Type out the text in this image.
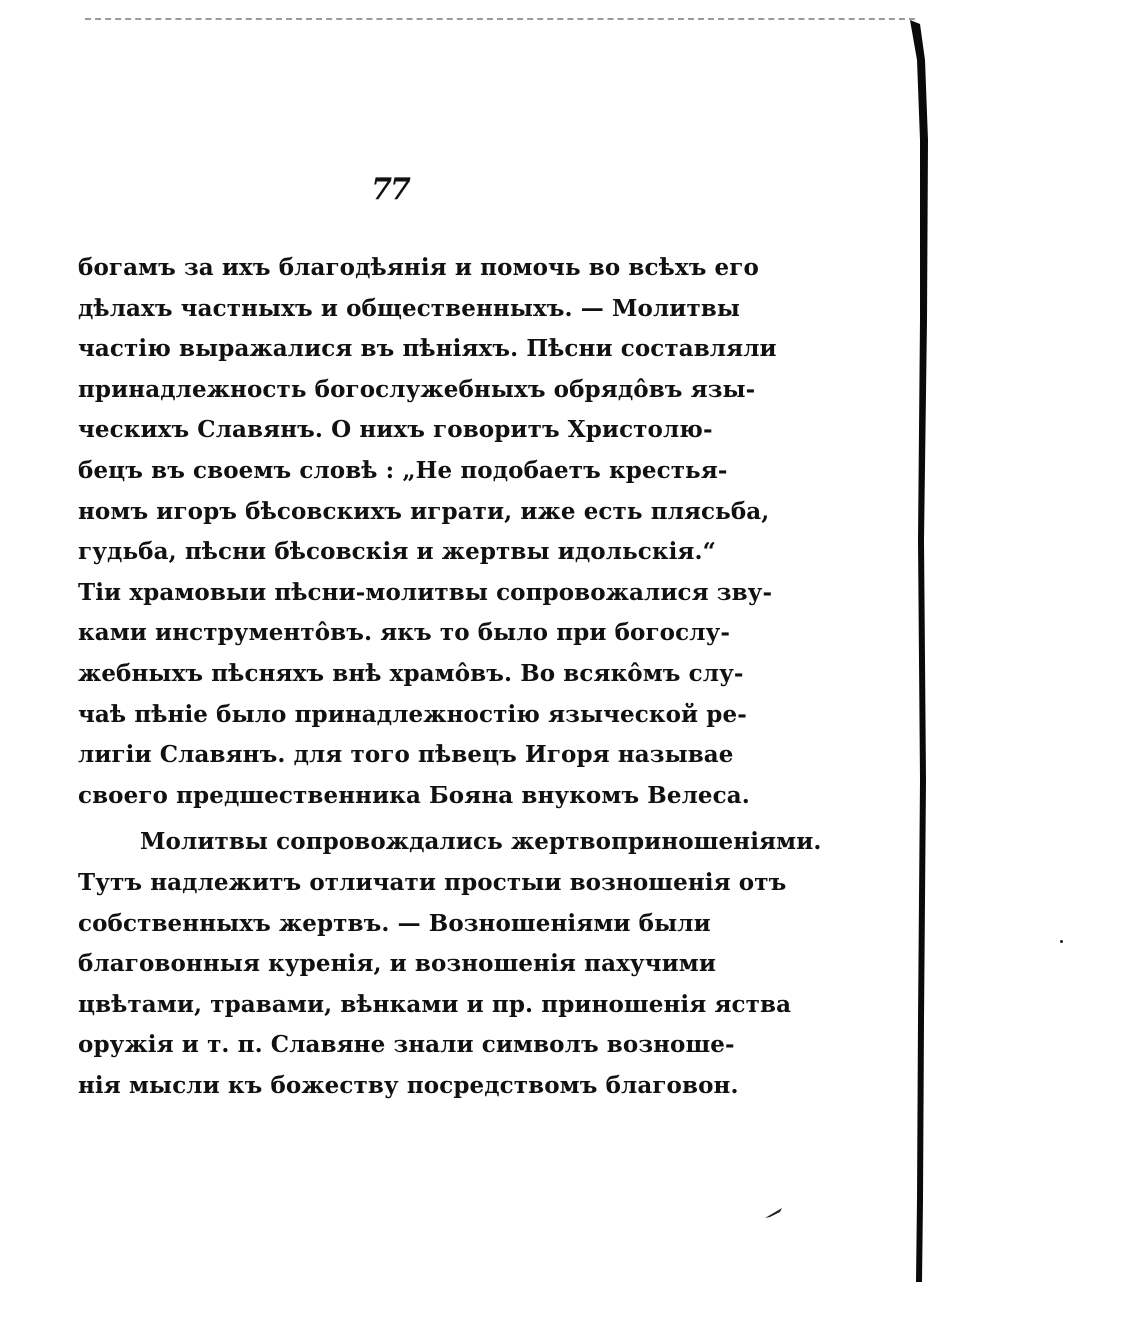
77
богамъ за ихъ благодѣянія и помочь во всѣхъ его
дѣлахъ частныхъ и общественныхъ. — Молитвы
частію выражалися въ пѣніяхъ. Пѣсни составляли
принадлежность богослужебныхъ обрядôвъ язы-
ческихъ Славянъ. О нихъ говоритъ Христолю-
бецъ въ своемъ словѣ : „Не подобаетъ крестья-
номъ игоръ бѣсовскихъ играти, иже есть плясьба,
гудьба, пѣсни бѣсовскія и жертвы идольскія.“
Тіи храмовыи пѣсни-молитвы сопровожалися зву-
ками инструментôвъ. якъ то было при богослу-
жебныхъ пѣсняхъ внѣ храмôвъ. Во всякôмъ слу-
чаѣ пѣніе было принадлежностію языческой ре-
лигіи Славянъ. для того пѣвецъ Игоря называе
своего предшественника Бояна внукомъ Велеса.
Молитвы сопровождались жертвоприношеніями.
Тутъ надлежитъ отличати простыи возношенія отъ
собственныхъ жертвъ. — Возношеніями были
благовонныя куренія, и возношенія пахучими
цвѣтами, травами, вѣнками и пр. приношенія яства
оружія и т. п. Славяне знали символъ возноше-
нія мысли къ божеству посредствомъ благовон.
